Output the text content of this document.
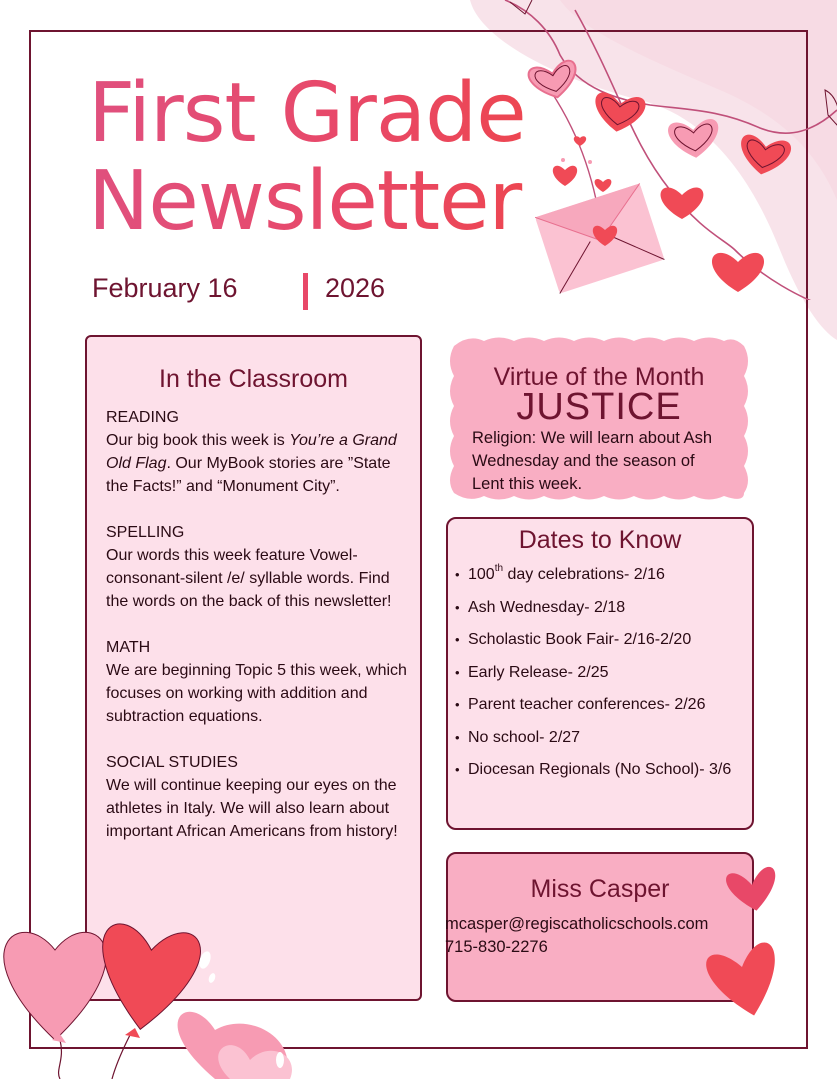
First Grade
Newsletter
February 16	2026
In the Classroom

READING
Our big book this week is You’re a Grand Old Flag. Our MyBook stories are ”State the Facts!” and “Monument City”.

SPELLING
Our words this week feature Vowel-consonant-silent /e/ syllable words. Find the words on the back of this newsletter!

MATH
We are beginning Topic 5 this week, which focuses on working with addition and subtraction equations.

SOCIAL STUDIES
We will continue keeping our eyes on the athletes in Italy. We will also learn about important African Americans from history!

Virtue of the Month
JUSTICE
Religion: We will learn about Ash Wednesday and the season of Lent this week.
Dates to Know
• 100th day celebrations- 2/16
• Ash Wednesday- 2/18
• Scholastic Book Fair- 2/16-2/20
• Early Release- 2/25
• Parent teacher conferences- 2/26
• No school- 2/27
• Diocesan Regionals (No School)- 3/6
Miss Casper
mcasper@regiscatholicschools.com
715-830-2276
